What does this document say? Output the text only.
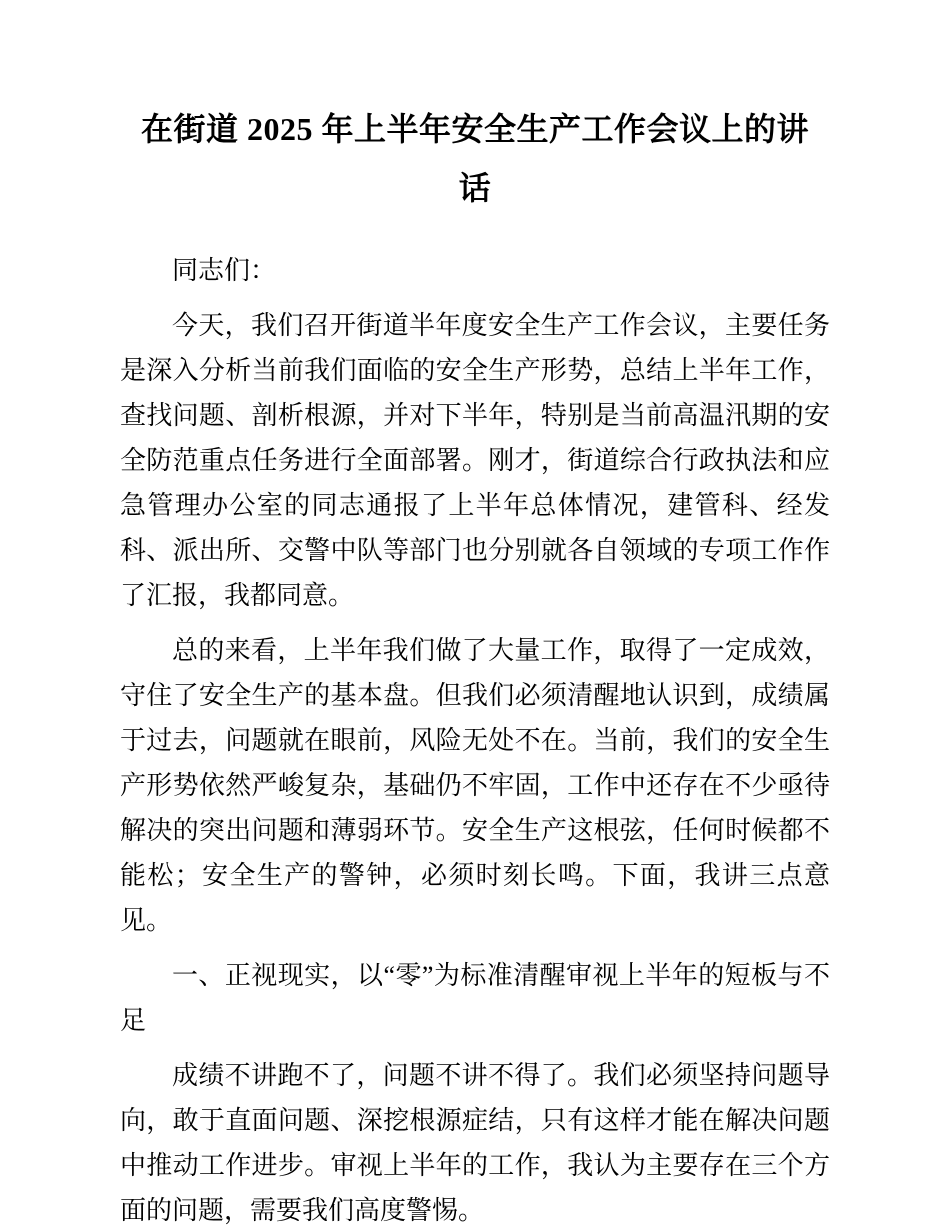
在街道 2025 年上半年安全生产工作会议上的讲话

同志们：

今天，我们召开街道半年度安全生产工作会议，主要任务是深入分析当前我们面临的安全生产形势，总结上半年工作，查找问题、剖析根源，并对下半年，特别是当前高温汛期的安全防范重点任务进行全面部署。刚才，街道综合行政执法和应急管理办公室的同志通报了上半年总体情况，建管科、经发科、派出所、交警中队等部门也分别就各自领域的专项工作作了汇报，我都同意。

总的来看，上半年我们做了大量工作，取得了一定成效，守住了安全生产的基本盘。但我们必须清醒地认识到，成绩属于过去，问题就在眼前，风险无处不在。当前，我们的安全生产形势依然严峻复杂，基础仍不牢固，工作中还存在不少亟待解决的突出问题和薄弱环节。安全生产这根弦，任何时候都不能松；安全生产的警钟，必须时刻长鸣。下面，我讲三点意见。

一、正视现实，以“零”为标准清醒审视上半年的短板与不足

成绩不讲跑不了，问题不讲不得了。我们必须坚持问题导向，敢于直面问题、深挖根源症结，只有这样才能在解决问题中推动工作进步。审视上半年的工作，我认为主要存在三个方面的问题，需要我们高度警惕。
